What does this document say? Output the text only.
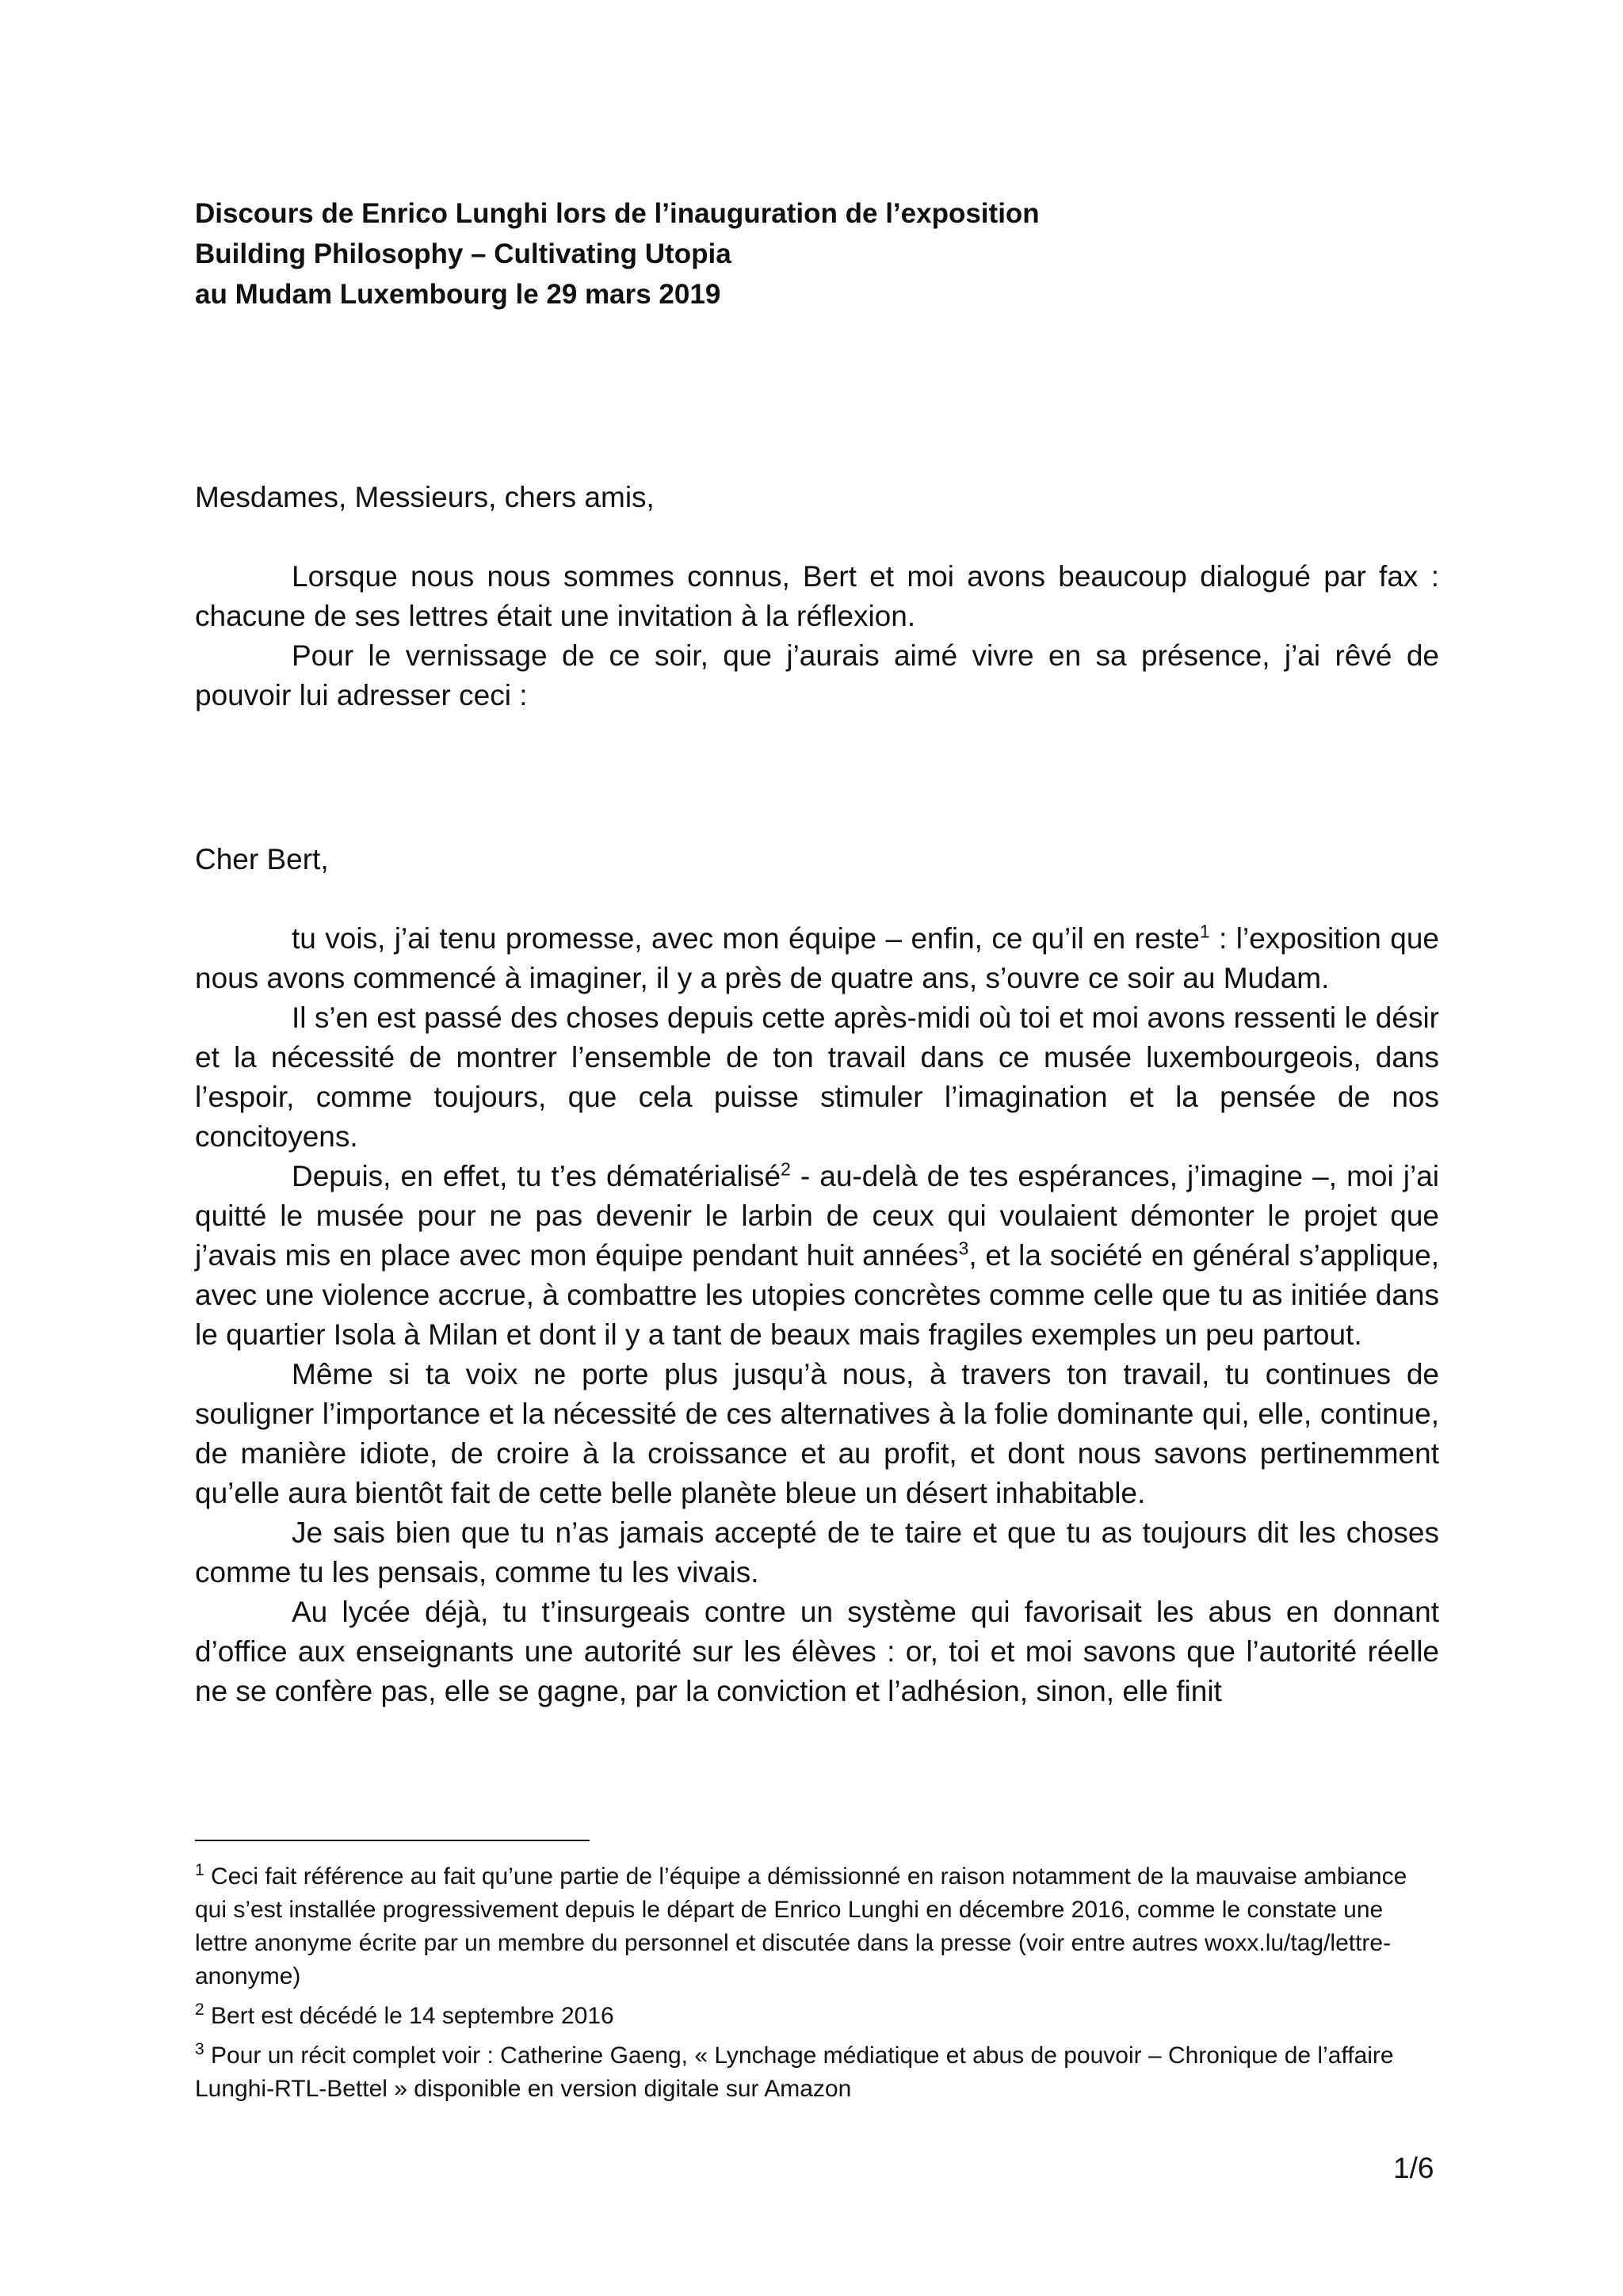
Discours de Enrico Lunghi lors de l’inauguration de l’exposition
Building Philosophy – Cultivating Utopia
au Mudam Luxembourg le 29 mars 2019
Mesdames, Messieurs, chers amis,

Lorsque nous nous sommes connus, Bert et moi avons beaucoup dialogué par fax : chacune de ses lettres était une invitation à la réflexion.

Pour le vernissage de ce soir, que j’aurais aimé vivre en sa présence, j’ai rêvé de pouvoir lui adresser ceci :

Cher Bert,

tu vois, j’ai tenu promesse, avec mon équipe – enfin, ce qu’il en reste$^1$ : l’exposition que nous avons commencé à imaginer, il y a près de quatre ans, s’ouvre ce soir au Mudam.

Il s’en est passé des choses depuis cette après-midi où toi et moi avons ressenti le désir et la nécessité de montrer l’ensemble de ton travail dans ce musée luxembourgeois, dans l’espoir, comme toujours, que cela puisse stimuler l’imagination et la pensée de nos concitoyens.

Depuis, en effet, tu t’es dématérialisé$^2$ - au-delà de tes espérances, j’imagine –, moi j’ai quitté le musée pour ne pas devenir le larbin de ceux qui voulaient démonter le projet que j’avais mis en place avec mon équipe pendant huit années$^3$, et la société en général s’applique, avec une violence accrue, à combattre les utopies concrètes comme celle que tu as initiée dans le quartier Isola à Milan et dont il y a tant de beaux mais fragiles exemples un peu partout.

Même si ta voix ne porte plus jusqu’à nous, à travers ton travail, tu continues de souligner l’importance et la nécessité de ces alternatives à la folie dominante qui, elle, continue, de manière idiote, de croire à la croissance et au profit, et dont nous savons pertinemment qu’elle aura bientôt fait de cette belle planète bleue un désert inhabitable.

Je sais bien que tu n’as jamais accepté de te taire et que tu as toujours dit les choses comme tu les pensais, comme tu les vivais.

Au lycée déjà, tu t’insurgeais contre un système qui favorisait les abus en donnant d’office aux enseignants une autorité sur les élèves : or, toi et moi savons que l’autorité réelle ne se confère pas, elle se gagne, par la conviction et l’adhésion, sinon, elle finit

$^1$ Ceci fait référence au fait qu’une partie de l’équipe a démissionné en raison notamment de la mauvaise ambiance qui s’est installée progressivement depuis le départ de Enrico Lunghi en décembre 2016, comme le constate une lettre anonyme écrite par un membre du personnel et discutée dans la presse (voir entre autres woxx.lu/tag/lettre-anonyme)

$^2$ Bert est décédé le 14 septembre 2016

$^3$ Pour un récit complet voir : Catherine Gaeng, « Lynchage médiatique et abus de pouvoir – Chronique de l’affaire Lunghi-RTL-Bettel » disponible en version digitale sur Amazon

1/6
